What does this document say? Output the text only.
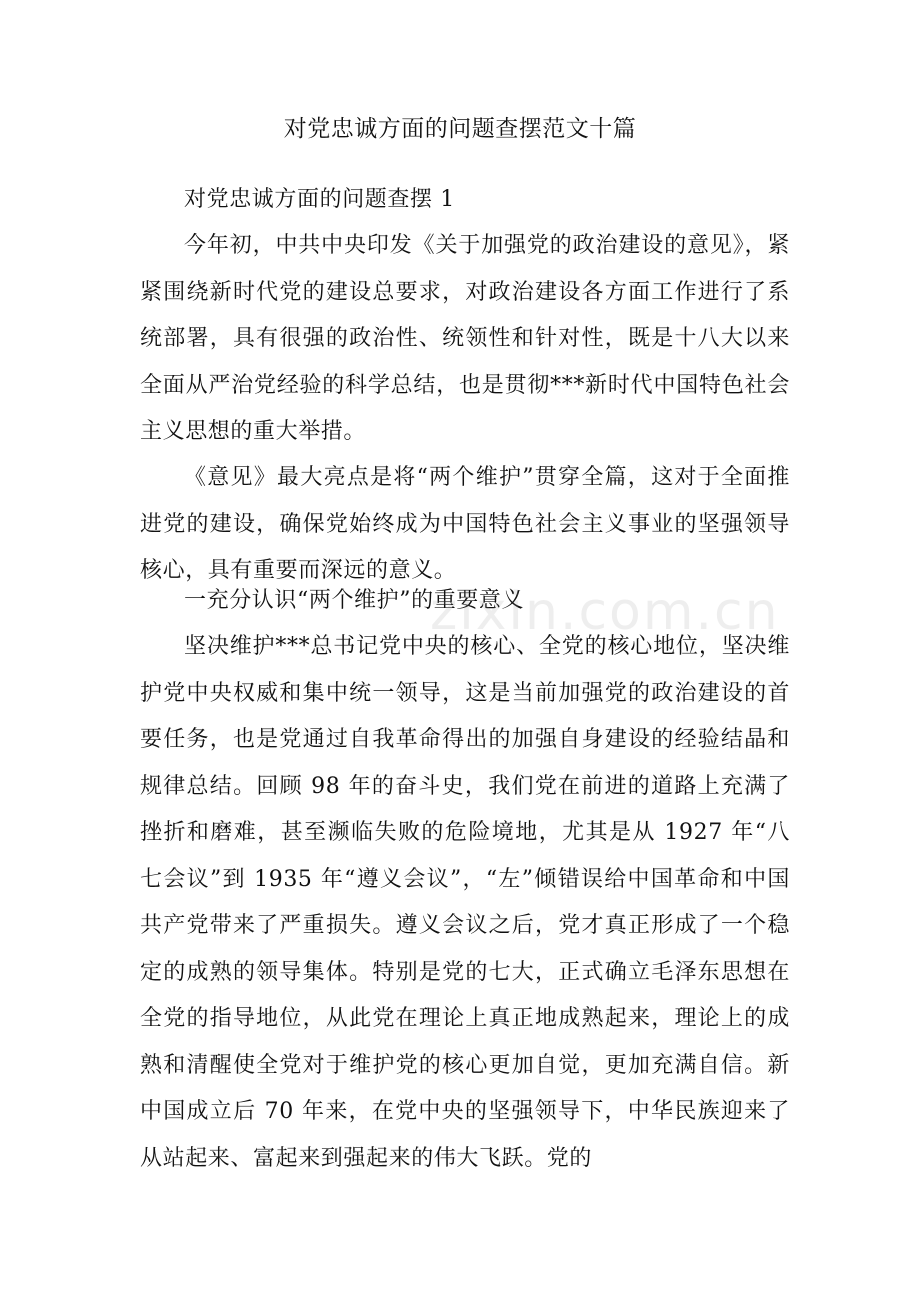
对党忠诚方面的问题查摆范文十篇

对党忠诚方面的问题查摆 1

今年初，中共中央印发《关于加强党的政治建设的意见》，紧紧围绕新时代党的建设总要求，对政治建设各方面工作进行了系统部署，具有很强的政治性、统领性和针对性，既是十八大以来全面从严治党经验的科学总结，也是贯彻***新时代中国特色社会主义思想的重大举措。

《意见》最大亮点是将“两个维护”贯穿全篇，这对于全面推进党的建设，确保党始终成为中国特色社会主义事业的坚强领导核心，具有重要而深远的意义。

一充分认识“两个维护”的重要意义

坚决维护***总书记党中央的核心、全党的核心地位，坚决维护党中央权威和集中统一领导，这是当前加强党的政治建设的首要任务，也是党通过自我革命得出的加强自身建设的经验结晶和规律总结。回顾 98 年的奋斗史，我们党在前进的道路上充满了挫折和磨难，甚至濒临失败的危险境地，尤其是从 1927 年“八七会议”到 1935 年“遵义会议”，“左”倾错误给中国革命和中国共产党带来了严重损失。遵义会议之后，党才真正形成了一个稳定的成熟的领导集体。特别是党的七大，正式确立毛泽东思想在全党的指导地位，从此党在理论上真正地成熟起来，理论上的成熟和清醒使全党对于维护党的核心更加自觉，更加充满自信。新中国成立后 70 年来，在党中央的坚强领导下，中华民族迎来了从站起来、富起来到强起来的伟大飞跃。党的

zixin.com.cn
